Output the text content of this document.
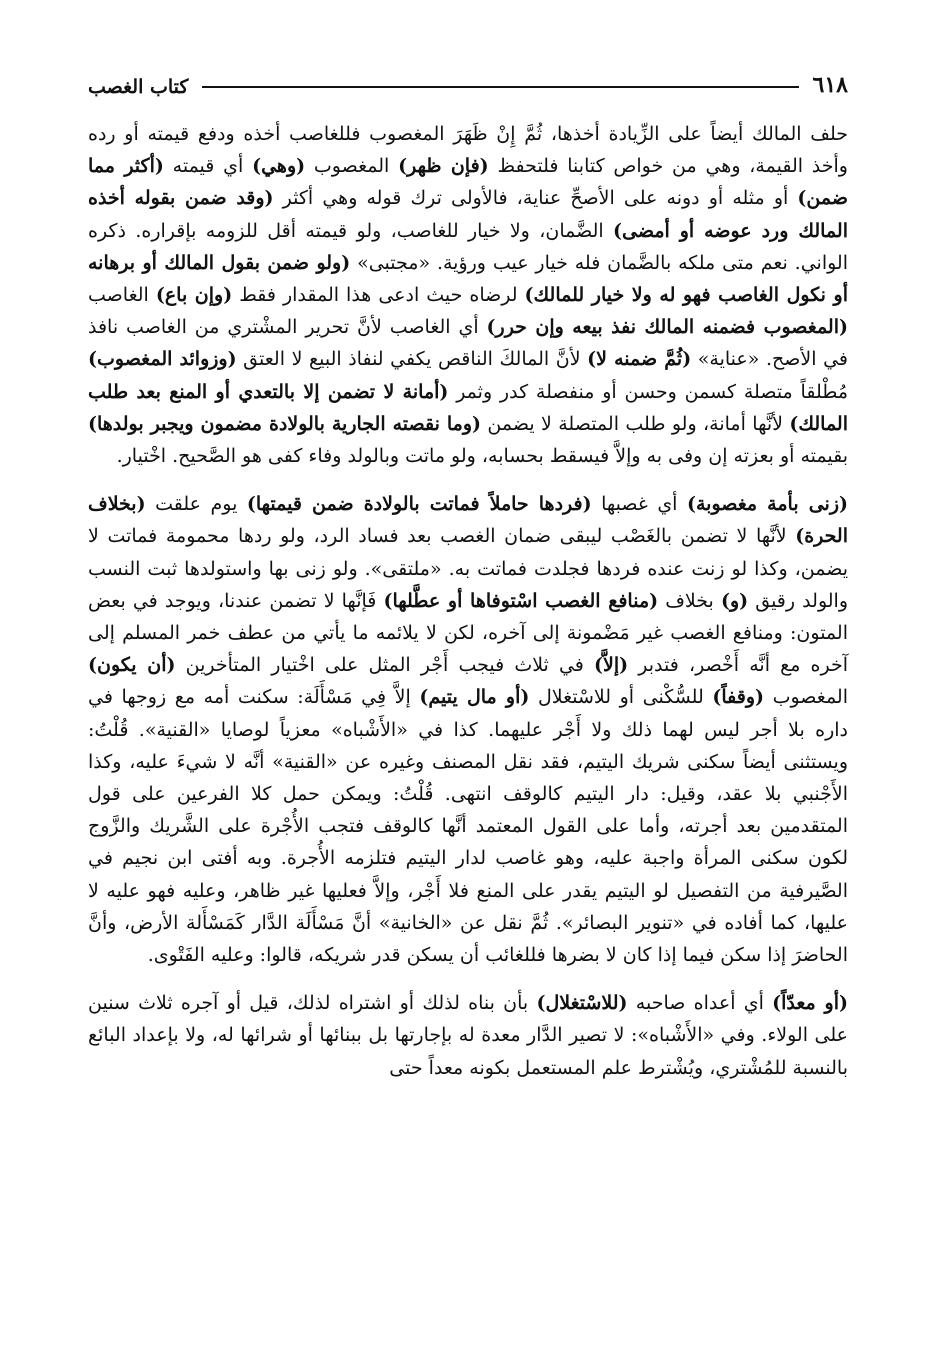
٦١٨
كتاب الغصب

حلف المالك أيضاً على الزِّيادة أخذها، ثُمَّ إِنْ ظَهَرَ المغصوب فللغاصب أخذه ودفع قيمته أو رده وأخذ القيمة، وهي من خواص كتابنا فلتحفظ (فإن ظهر) المغصوب (وهي) أي قيمته (أكثر مما ضمن) أو مثله أو دونه على الأصحِّ عناية، فالأولى ترك قوله وهي أكثر (وقد ضمن بقوله أخذه المالك ورد عوضه أو أمضى) الضَّمان، ولا خيار للغاصب، ولو قيمته أقل للزومه بإقراره. ذكره الواني. نعم متى ملكه بالضَّمان فله خيار عيب ورؤية. «مجتبى» (ولو ضمن بقول المالك أو برهانه أو نكول الغاصب فهو له ولا خيار للمالك) لرضاه حيث ادعى هذا المقدار فقط (وإن باع) الغاصب (المغصوب فضمنه المالك نفذ بيعه وإن حرر) أي الغاصب لأنَّ تحرير المشْتري من الغاصب نافذ في الأصح. «عناية» (ثُمَّ ضمنه لا) لأنَّ المالكَ الناقص يكفي لنفاذ البيع لا العتق (وزوائد المغصوب) مُطْلقاً متصلة كسمن وحسن أو منفصلة كدر وثمر (أمانة لا تضمن إلا بالتعدي أو المنع بعد طلب المالك) لأنَّها أمانة، ولو طلب المتصلة لا يضمن (وما نقصته الجارية بالولادة مضمون ويجبر بولدها) بقيمته أو بعزته إن وفى به وإلاَّ فيسقط بحسابه، ولو ماتت وبالولد وفاء كفى هو الصَّحيح. اخْتيار.

(زنى بأمة مغصوبة) أي غصبها (فردها حاملاً فماتت بالولادة ضمن قيمتها) يوم علقت (بخلاف الحرة) لأنَّها لا تضمن بالغَصْب ليبقى ضمان الغصب بعد فساد الرد، ولو ردها محمومة فماتت لا يضمن، وكذا لو زنت عنده فردها فجلدت فماتت به. «ملتقى». ولو زنى بها واستولدها ثبت النسب والولد رقيق (و) بخلاف (منافع الغصب اسْتوفاها أو عطَّلها) فَإنَّها لا تضمن عندنا، ويوجد في بعض المتون: ومنافع الغصب غير مَضْمونة إلى آخره، لكن لا يلائمه ما يأتي من عطف خمر المسلم إلى آخره مع أنَّه أَخْصر، فتدبر (إلاَّ) في ثلاث فيجب أَجْر المثل على اخْتيار المتأخرين (أن يكون) المغصوب (وقفاً) للسُّكْنى أو للاسْتغلال (أو مال يتيم) إلاَّ فِي مَسْأَلَة: سكنت أمه مع زوجها في داره بلا أجر ليس لهما ذلك ولا أَجْر عليهما. كذا في «الأَشْباه» معزياً لوصايا «القنية». قُلْتُ: ويستثنى أيضاً سكنى شريك اليتيم، فقد نقل المصنف وغيره عن «القنية» أنَّه لا شيءَ عليه، وكذا الأَجْنبي بلا عقد، وقيل: دار اليتيم كالوقف انتهى. قُلْتُ: ويمكن حمل كلا الفرعين على قول المتقدمين بعد أجرته، وأما على القول المعتمد أنَّها كالوقف فتجب الأُجْرة على الشَّريك والزَّوج لكون سكنى المرأة واجبة عليه، وهو غاصب لدار اليتيم فتلزمه الأُجرة. وبه أفتى ابن نجيم في الصَّيرفية من التفصيل لو اليتيم يقدر على المنع فلا أَجْر، وإلاَّ فعليها غير ظاهر، وعليه فهو عليه لا عليها، كما أفاده في «تنوير البصائر». ثُمَّ نقل عن «الخانية» أنَّ مَسْأَلَة الدَّار كَمَسْأَلة الأرض، وأنَّ الحاضرَ إذا سكن فيما إذا كان لا بضرها فللغائب أن يسكن قدر شريكه، قالوا: وعليه الفَتْوى.

(أو معدّاً) أي أعداه صاحبه (للاسْتغلال) بأن بناه لذلك أو اشتراه لذلك، قيل أو آجره ثلاث سنين على الولاء. وفي «الأَشْباه»: لا تصير الدَّار معدة له بإجارتها بل ببنائها أو شرائها له، ولا بإعداد البائع بالنسبة للمُشْتري، ويُشْترط علم المستعمل بكونه معداً حتى
